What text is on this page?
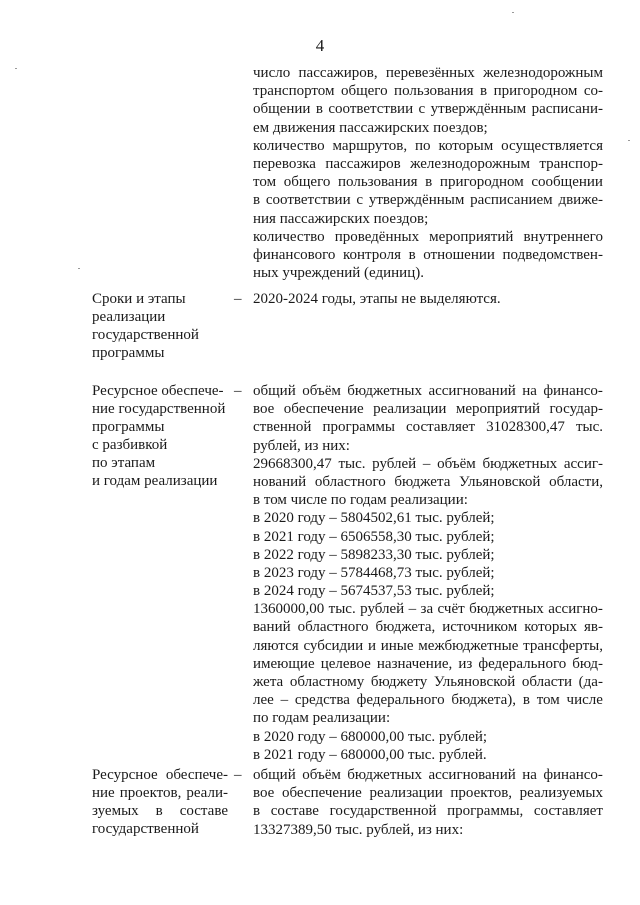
4
число пассажиров, перевезённых железнодорожным
транспортом общего пользования в пригородном со-
общении в соответствии с утверждённым расписани-
ем движения пассажирских поездов;
количество маршрутов, по которым осуществляется
перевозка пассажиров железнодорожным транспор-
том общего пользования в пригородном сообщении
в соответствии с утверждённым расписанием движе-
ния пассажирских поездов;
количество проведённых мероприятий внутреннего
финансового контроля в отношении подведомствен-
ных учреждений (единиц).
Сроки и этапы
реализации
государственной
программы
– 2020-2024 годы, этапы не выделяются.
Ресурсное обеспече-
ние государственной
программы
с разбивкой
по этапам
и годам реализации
– общий объём бюджетных ассигнований на финансо-
вое обеспечение реализации мероприятий государ-
ственной программы составляет 31028300,47 тыс.
рублей, из них:
29668300,47 тыс. рублей – объём бюджетных ассиг-
нований областного бюджета Ульяновской области,
в том числе по годам реализации:
в 2020 году – 5804502,61 тыс. рублей;
в 2021 году – 6506558,30 тыс. рублей;
в 2022 году – 5898233,30 тыс. рублей;
в 2023 году – 5784468,73 тыс. рублей;
в 2024 году – 5674537,53 тыс. рублей;
1360000,00 тыс. рублей – за счёт бюджетных ассигно-
ваний областного бюджета, источником которых яв-
ляются субсидии и иные межбюджетные трансферты,
имеющие целевое назначение, из федерального бюд-
жета областному бюджету Ульяновской области (да-
лее – средства федерального бюджета), в том числе
по годам реализации:
в 2020 году – 680000,00 тыс. рублей;
в 2021 году – 680000,00 тыс. рублей.
Ресурсное обеспече-
ние проектов, реали-
зуемых в составе
государственной
– общий объём бюджетных ассигнований на финансо-
вое обеспечение реализации проектов, реализуемых
в составе государственной программы, составляет
13327389,50 тыс. рублей, из них:
